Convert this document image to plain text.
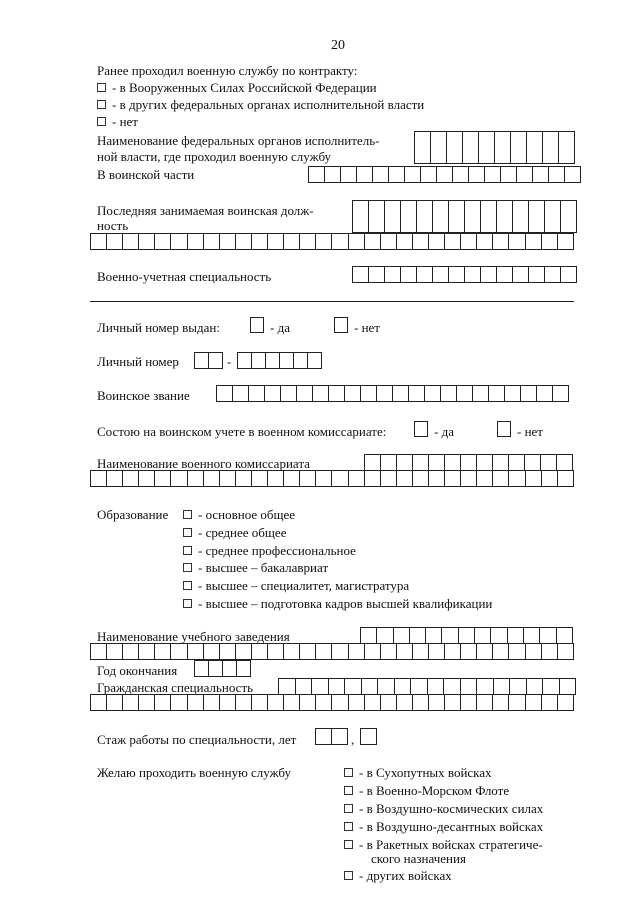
20
Ранее проходил военную службу по контракту:
- в Вооруженных Силах Российской Федерации
- в других федеральных органах исполнительной власти
- нет
Наименование федеральных органов исполнитель-
ной власти, где проходил военную службу
В воинской части
Последняя занимаемая воинская долж-
ность
Военно-учетная специальность
Личный номер выдан:	- да	- нет
Личный номер	-
Воинское звание
Состою на воинском учете в военном комиссариате:	- да	- нет
Наименование военного комиссариата
Образование	- основное общее
- среднее общее
- среднее профессиональное
- высшее – бакалавриат
- высшее – специалитет, магистратура
- высшее – подготовка кадров высшей квалификации
Наименование учебного заведения
Год окончания
Гражданская специальность
Стаж работы по специальности, лет	,
Желаю проходить военную службу	- в Сухопутных войсках
- в Военно-Морском Флоте
- в Воздушно-космических силах
- в Воздушно-десантных войсках
- в Ракетных войсках стратегиче-
ского назначения
- других войсках
